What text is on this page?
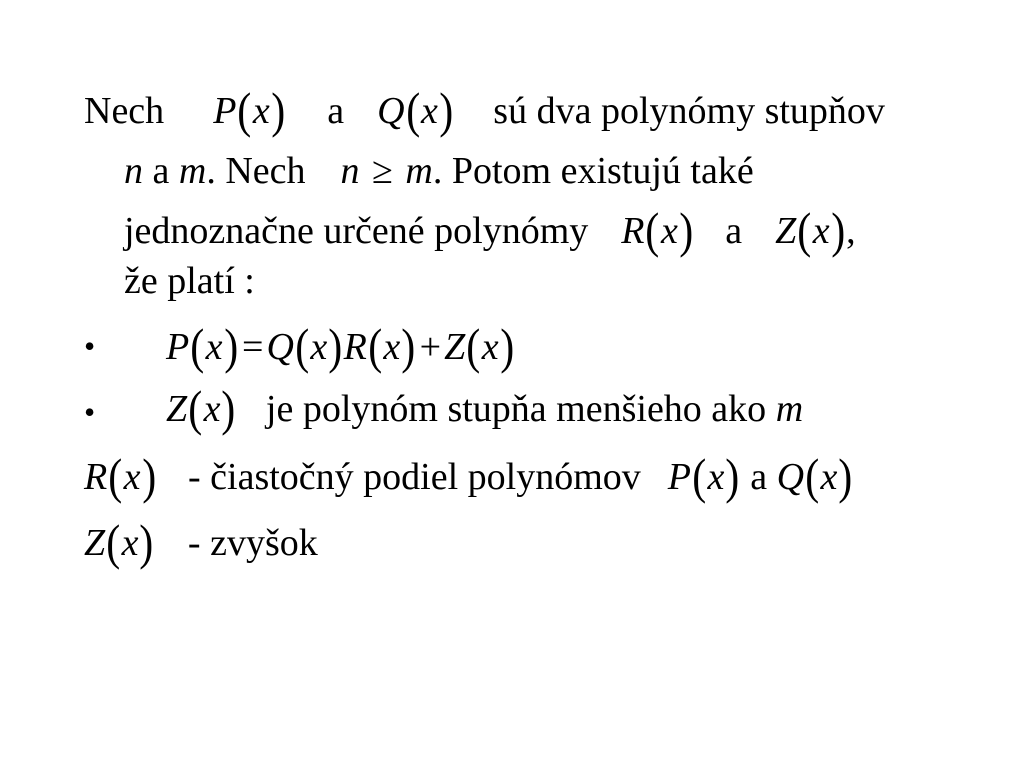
Nech P(x) a Q(x) sú dva polynómy stupňov
n a m. Nech n ≥ m. Potom existujú také
jednoznačne určené polynómy R(x) a Z(x),
že platí :
• P(x) =Q(x)R(x) +Z(x)
• Z(x) je polynóm stupňa menšieho ako m
R(x) - čiastočný podiel polynómov P(x) a Q(x)
Z(x) - zvyšok
